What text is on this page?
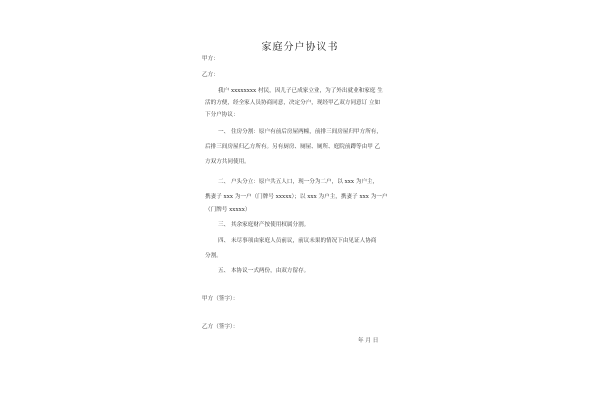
家庭分户协议书
甲方：
乙方：
我户 xxxxxxxx 村民，因儿子已成家立业，为了外出就业和家庭 生
活的方便，经全家人员协商同意，决定分户，现经甲乙双方同意订 立如
下分户协议：
一、 住房分割：原户有前后房屋两幢，前排三间房屋归甲方所有，
后排三间房屋归乙方所有。另有厨房、厕屋、厕所、庭院前蹲等由甲 乙
方双方共同使用。
二、 户头分立：原户共五人口，现一分为二户，以 xxx 为户主，
携妻子 xxx 为一户（门牌号 xxxxx）；以 xxx 为户主，携妻子 xxx 为一户
（门牌号 xxxxx）
三、 其余家庭财产按使用权属分割。
四、 未尽事项由家庭人员前议，前议未果的情况下由见证人协商
分割。
五、 本协议一式两份，由双方留存。
甲方（签字）：
乙方（签字）：
年 月 日
